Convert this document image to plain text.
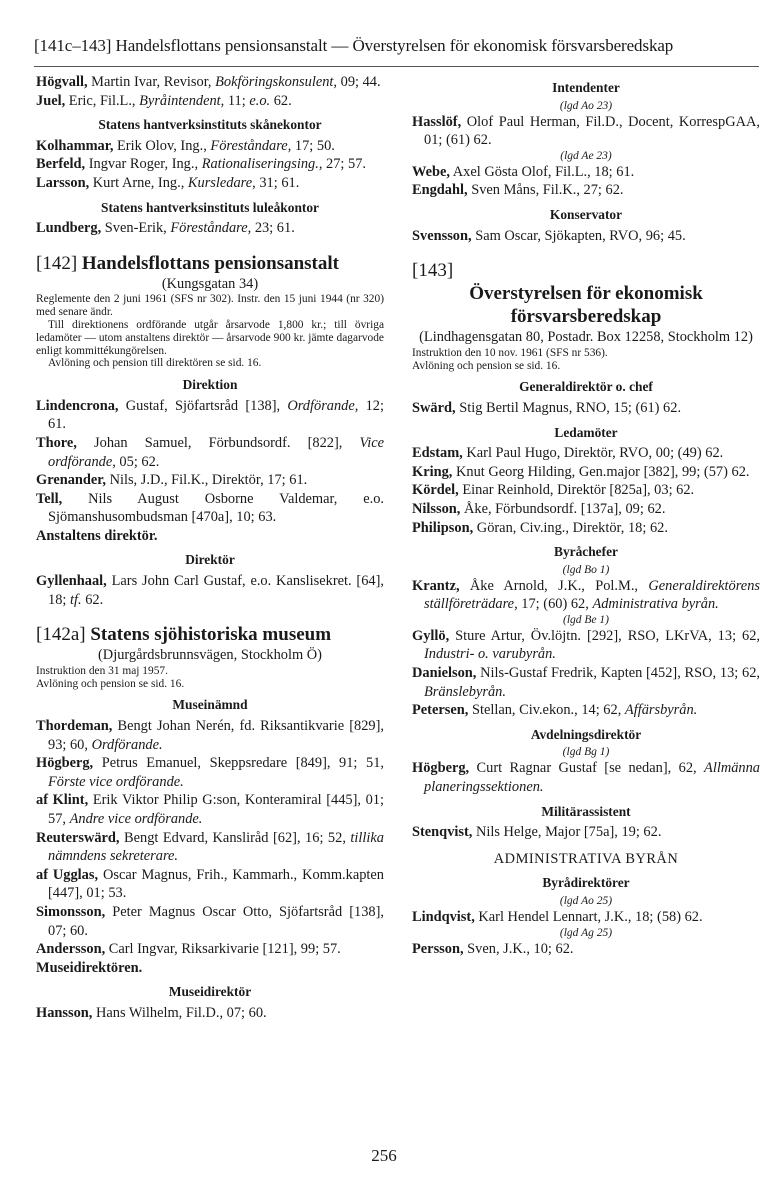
[141c–143] Handelsflottans pensionsanstalt — Överstyrelsen för ekonomisk försvarsberedskap
Högvall, Martin Ivar, Revisor, Bokföringskonsulent, 09; 44.
Juel, Eric, Fil.L., Byråintendent, 11; e.o. 62.
Statens hantverksinstituts skånekontor
Kolhammar, Erik Olov, Ing., Föreståndare, 17; 50.
Berfeld, Ingvar Roger, Ing., Rationaliseringsing., 27; 57.
Larsson, Kurt Arne, Ing., Kursledare, 31; 61.
Statens hantverksinstituts luleåkontor
Lundberg, Sven-Erik, Föreståndare, 23; 61.
[142] Handelsflottans pensionsanstalt
(Kungsgatan 34)
Reglemente den 2 juni 1961 (SFS nr 302). Instr. den 15 juni 1944 (nr 320) med senare ändr.
Till direktionens ordförande utgår årsarvode 1,800 kr.; till övriga ledamöter — utom anstaltens direktör — årsarvode 900 kr. jämte dagarvode enligt kommittékungörelsen.
Avlöning och pension till direktören se sid. 16.
Direktion
Lindencrona, Gustaf, Sjöfartsråd [138], Ordförande, 12; 61.
Thore, Johan Samuel, Förbundsordf. [822], Vice ordförande, 05; 62.
Grenander, Nils, J.D., Fil.K., Direktör, 17; 61.
Tell, Nils August Osborne Valdemar, e.o. Sjömanshusombudsman [470a], 10; 63.
Anstaltens direktör.
Direktör
Gyllenhaal, Lars John Carl Gustaf, e.o. Kanslisekret. [64], 18; tf. 62.
[142a] Statens sjöhistoriska museum
(Djurgårdsbrunnsvägen, Stockholm Ö)
Instruktion den 31 maj 1957.
Avlöning och pension se sid. 16.
Museinämnd
Thordeman, Bengt Johan Nerén, fd. Riksantikvarie [829], 93; 60, Ordförande.
Högberg, Petrus Emanuel, Skeppsredare [849], 91; 51, Förste vice ordförande.
af Klint, Erik Viktor Philip G:son, Konteramiral [445], 01; 57, Andre vice ordförande.
Reuterswärd, Bengt Edvard, Kansliråd [62], 16; 52, tillika nämndens sekreterare.
af Ugglas, Oscar Magnus, Frih., Kammarh., Komm.kapten [447], 01; 53.
Simonsson, Peter Magnus Oscar Otto, Sjöfartsråd [138], 07; 60.
Andersson, Carl Ingvar, Riksarkivarie [121], 99; 57.
Museidirektören.
Museidirektör
Hansson, Hans Wilhelm, Fil.D., 07; 60.
Intendenter
(lgd Ao 23)
Hasslöf, Olof Paul Herman, Fil.D., Docent, KorrespGAA, 01; (61) 62.
(lgd Ae 23)
Webe, Axel Gösta Olof, Fil.L., 18; 61.
Engdahl, Sven Måns, Fil.K., 27; 62.
Konservator
Svensson, Sam Oscar, Sjökapten, RVO, 96; 45.
[143]
Överstyrelsen för ekonomisk försvarsberedskap
(Lindhagensgatan 80, Postadr. Box 12258, Stockholm 12)
Instruktion den 10 nov. 1961 (SFS nr 536).
Avlöning och pension se sid. 16.
Generaldirektör o. chef
Swärd, Stig Bertil Magnus, RNO, 15; (61) 62.
Ledamöter
Edstam, Karl Paul Hugo, Direktör, RVO, 00; (49) 62.
Kring, Knut Georg Hilding, Gen.major [382], 99; (57) 62.
Kördel, Einar Reinhold, Direktör [825a], 03; 62.
Nilsson, Åke, Förbundsordf. [137a], 09; 62.
Philipson, Göran, Civ.ing., Direktör, 18; 62.
Byråchefer
(lgd Bo 1)
Krantz, Åke Arnold, J.K., Pol.M., Generaldirektörens ställföreträdare, 17; (60) 62, Administrativa byrån.
(lgd Be 1)
Gyllö, Sture Artur, Öv.löjtn. [292], RSO, LKrVA, 13; 62, Industri- o. varubyrån.
Danielson, Nils-Gustaf Fredrik, Kapten [452], RSO, 13; 62, Bränslebyrån.
Petersen, Stellan, Civ.ekon., 14; 62, Affärsbyrån.
Avdelningsdirektör
(lgd Bg 1)
Högberg, Curt Ragnar Gustaf [se nedan], 62, Allmänna planeringssektionen.
Militärassistent
Stenqvist, Nils Helge, Major [75a], 19; 62.
ADMINISTRATIVA BYRÅN
Byrådirektörer
(lgd Ao 25)
Lindqvist, Karl Hendel Lennart, J.K., 18; (58) 62.
(lgd Ag 25)
Persson, Sven, J.K., 10; 62.
256
